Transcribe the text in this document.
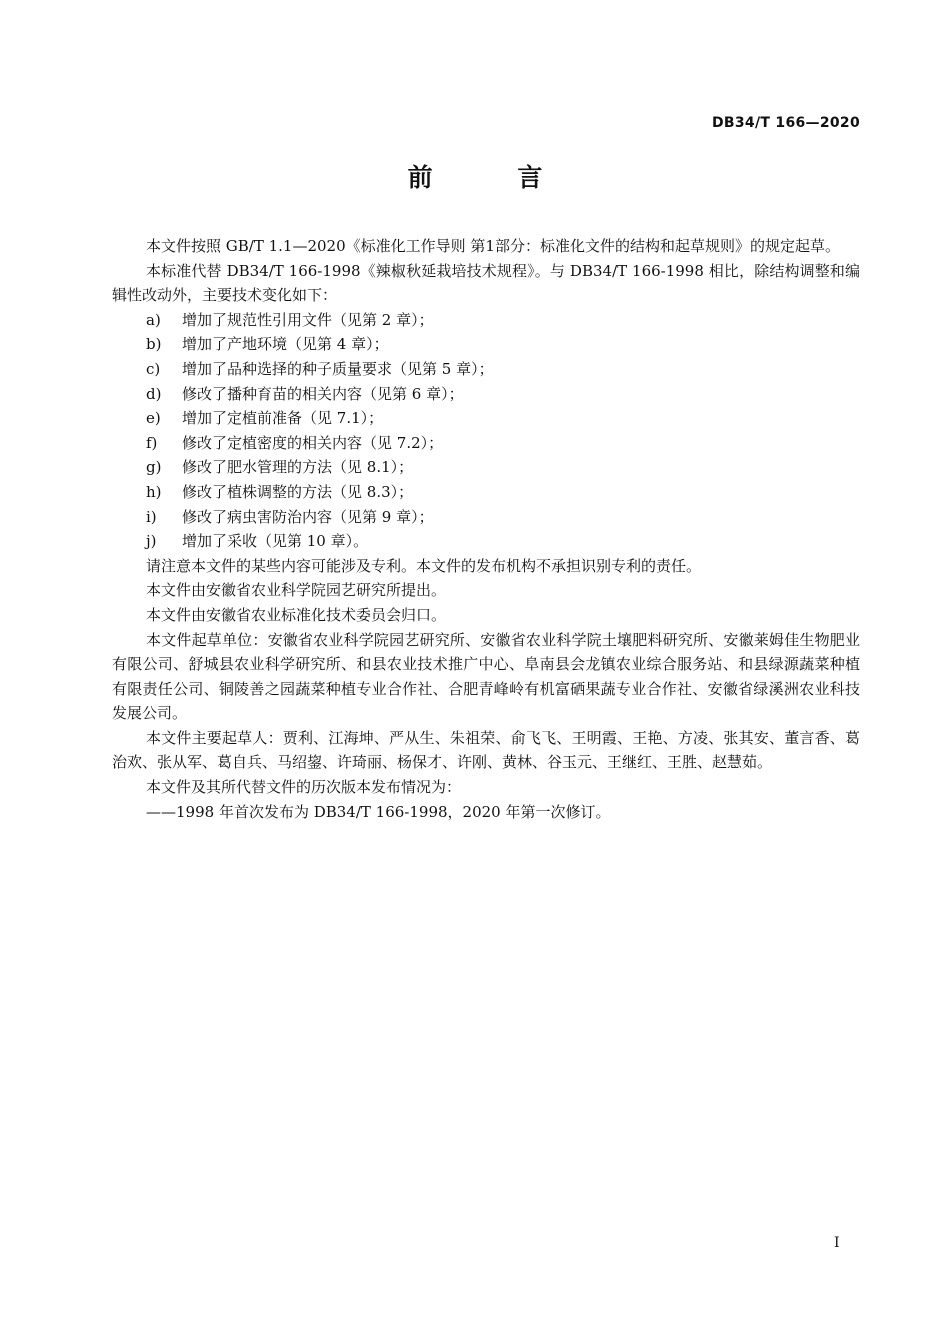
DB34/T 166—2020
前 言

本文件按照 GB/T 1.1—2020《标准化工作导则 第1部分：标准化文件的结构和起草规则》的规定起草。

本标准代替 DB34/T 166-1998《辣椒秋延栽培技术规程》。与 DB34/T 166-1998 相比，除结构调整和编辑性改动外，主要技术变化如下：

a) 增加了规范性引用文件（见第 2 章）；

b) 增加了产地环境（见第 4 章）；

c) 增加了品种选择的种子质量要求（见第 5 章）；

d) 修改了播种育苗的相关内容（见第 6 章）；

e) 增加了定植前准备（见 7.1）；

f) 修改了定植密度的相关内容（见 7.2）；

g) 修改了肥水管理的方法（见 8.1）；

h) 修改了植株调整的方法（见 8.3）；

i) 修改了病虫害防治内容（见第 9 章）；

j) 增加了采收（见第 10 章）。

请注意本文件的某些内容可能涉及专利。本文件的发布机构不承担识别专利的责任。

本文件由安徽省农业科学院园艺研究所提出。

本文件由安徽省农业标准化技术委员会归口。

本文件起草单位：安徽省农业科学院园艺研究所、安徽省农业科学院土壤肥料研究所、安徽莱姆佳生物肥业有限公司、舒城县农业科学研究所、和县农业技术推广中心、阜南县会龙镇农业综合服务站、和县绿源蔬菜种植有限责任公司、铜陵善之园蔬菜种植专业合作社、合肥青峰岭有机富硒果蔬专业合作社、安徽省绿溪洲农业科技发展公司。

本文件主要起草人：贾利、江海坤、严从生、朱祖荣、俞飞飞、王明霞、王艳、方凌、张其安、董言香、葛治欢、张从军、葛自兵、马绍鋆、许琦丽、杨保才、许刚、黄林、谷玉元、王继红、王胜、赵慧茹。

本文件及其所代替文件的历次版本发布情况为：

——1998 年首次发布为 DB34/T 166-1998，2020 年第一次修订。

I
